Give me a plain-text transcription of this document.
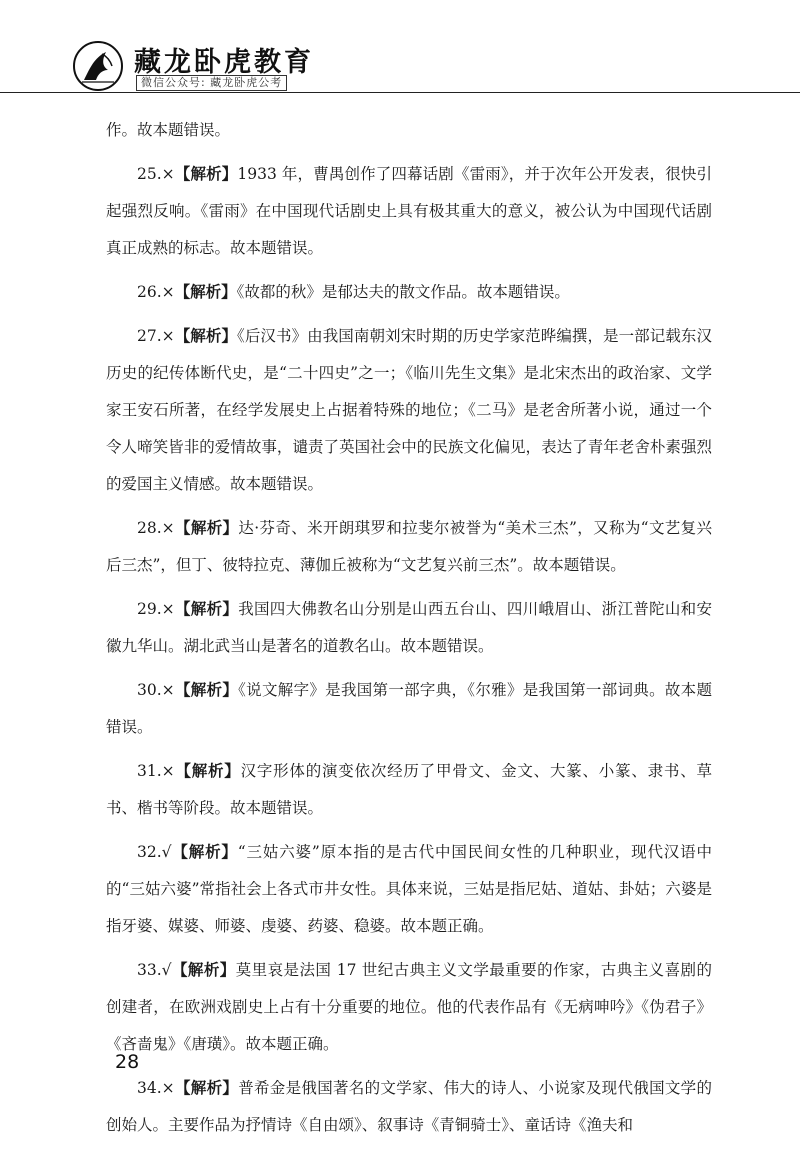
藏龙卧虎教育
微信公众号: 藏龙卧虎公考

作。故本题错误。

25.×【解析】1933 年，曹禺创作了四幕话剧《雷雨》，并于次年公开发表，很快引起强烈反响。《雷雨》在中国现代话剧史上具有极其重大的意义，被公认为中国现代话剧真正成熟的标志。故本题错误。

26.×【解析】《故都的秋》是郁达夫的散文作品。故本题错误。

27.×【解析】《后汉书》由我国南朝刘宋时期的历史学家范晔编撰，是一部记载东汉历史的纪传体断代史，是“二十四史”之一；《临川先生文集》是北宋杰出的政治家、文学家王安石所著，在经学发展史上占据着特殊的地位；《二马》是老舍所著小说，通过一个令人啼笑皆非的爱情故事，谴责了英国社会中的民族文化偏见，表达了青年老舍朴素强烈的爱国主义情感。故本题错误。

28.×【解析】达·芬奇、米开朗琪罗和拉斐尔被誉为“美术三杰”，又称为“文艺复兴后三杰”，但丁、彼特拉克、薄伽丘被称为“文艺复兴前三杰”。故本题错误。

29.×【解析】我国四大佛教名山分别是山西五台山、四川峨眉山、浙江普陀山和安徽九华山。湖北武当山是著名的道教名山。故本题错误。

30.×【解析】《说文解字》是我国第一部字典，《尔雅》是我国第一部词典。故本题错误。

31.×【解析】汉字形体的演变依次经历了甲骨文、金文、大篆、小篆、隶书、草书、楷书等阶段。故本题错误。

32.√【解析】“三姑六婆”原本指的是古代中国民间女性的几种职业，现代汉语中的“三姑六婆”常指社会上各式市井女性。具体来说，三姑是指尼姑、道姑、卦姑；六婆是指牙婆、媒婆、师婆、虔婆、药婆、稳婆。故本题正确。

33.√【解析】莫里哀是法国 17 世纪古典主义文学最重要的作家，古典主义喜剧的创建者，在欧洲戏剧史上占有十分重要的地位。他的代表作品有《无病呻吟》《伪君子》《吝啬鬼》《唐璜》。故本题正确。

34.×【解析】普希金是俄国著名的文学家、伟大的诗人、小说家及现代俄国文学的创始人。主要作品为抒情诗《自由颂》、叙事诗《青铜骑士》、童话诗《渔夫和

28
